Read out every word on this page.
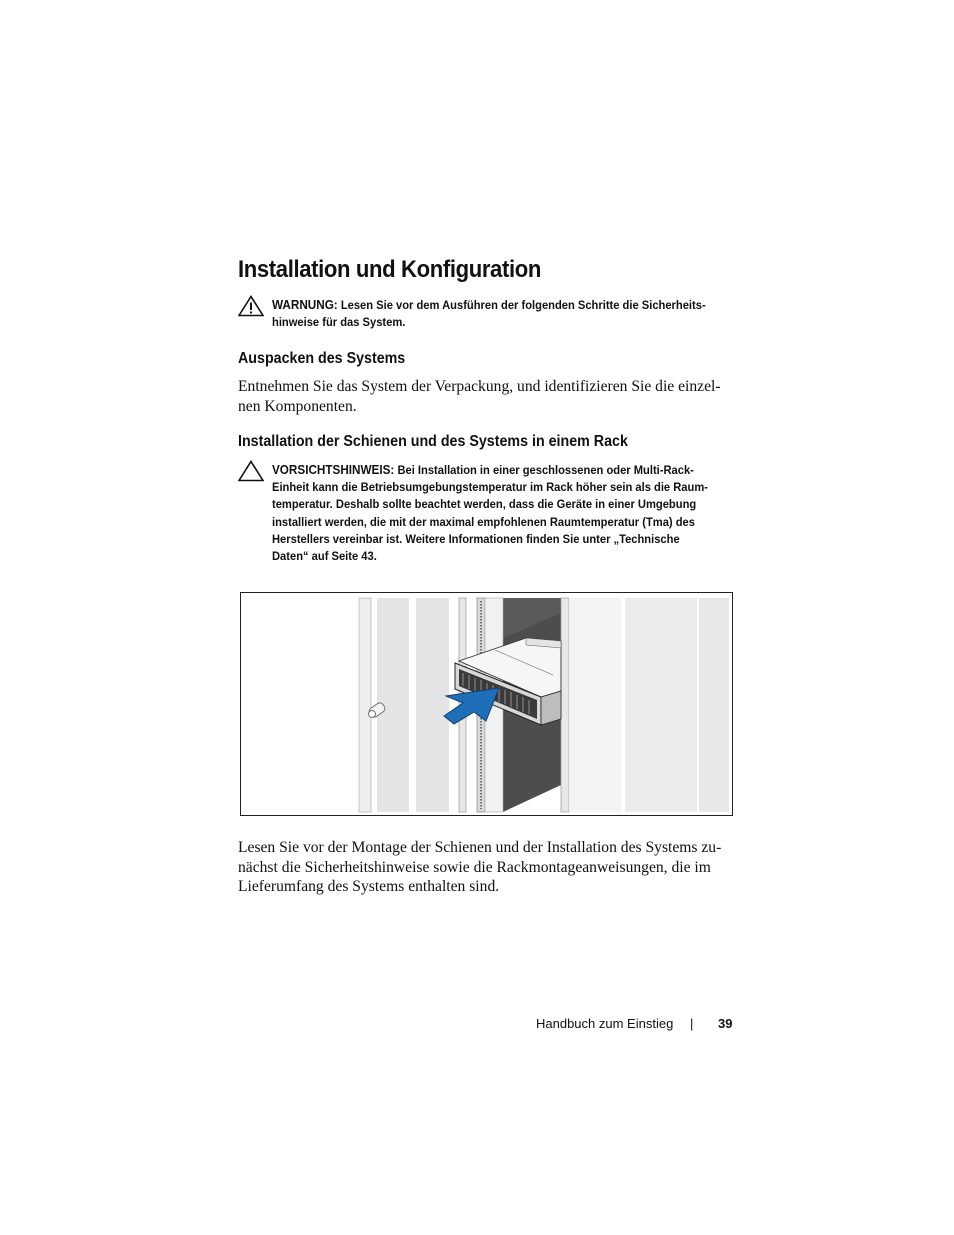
Installation und Konfiguration
WARNUNG: Lesen Sie vor dem Ausführen der folgenden Schritte die Sicherheits-
hinweise für das System.
Auspacken des Systems
Entnehmen Sie das System der Verpackung, und identifizieren Sie die einzel-
nen Komponenten.
Installation der Schienen und des Systems in einem Rack
VORSICHTSHINWEIS: Bei Installation in einer geschlossenen oder Multi-Rack-
Einheit kann die Betriebsumgebungstemperatur im Rack höher sein als die Raum-
temperatur. Deshalb sollte beachtet werden, dass die Geräte in einer Umgebung
installiert werden, die mit der maximal empfohlenen Raumtemperatur (Tma) des
Herstellers vereinbar ist. Weitere Informationen finden Sie unter „Technische
Daten“ auf Seite 43.
Lesen Sie vor der Montage der Schienen und der Installation des Systems zu-
nächst die Sicherheitshinweise sowie die Rackmontageanweisungen, die im
Lieferumfang des Systems enthalten sind.
Handbuch zum Einstieg | 39
